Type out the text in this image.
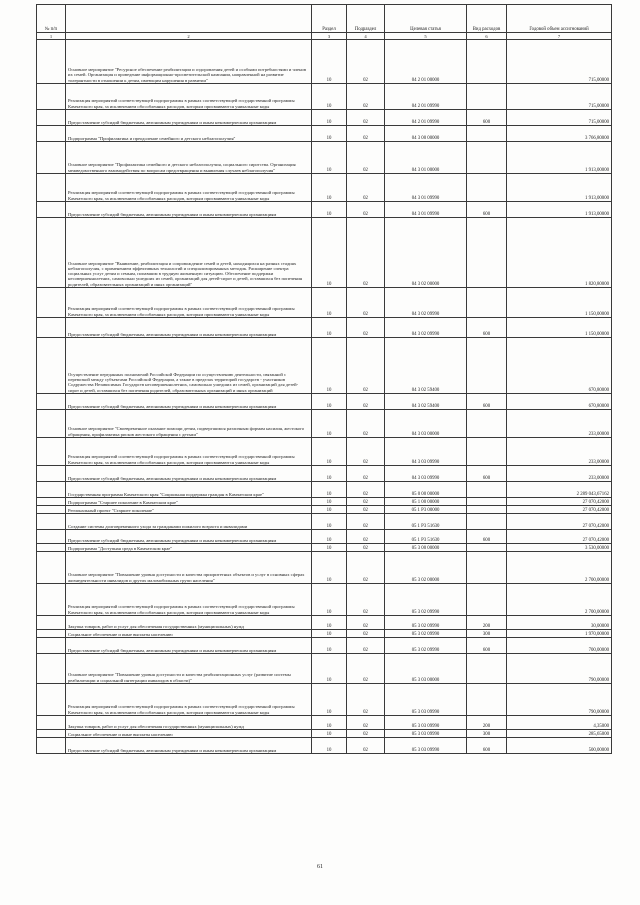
№ п/п		Раздел	Подраздел	Целевая статья	Вид расходов	Годовой объем ассигнований
1	2	3	4	5	6	7
	Основное мероприятие "Ресурсное обеспечение реабилитации и оздоровления детей и особыми потребностями и членов их семей. Организация и проведение информационно-просветительской кампании, направленной на развитие толерантности в отношении к детям, имеющим нарушения в развитии"	10	02	04 2 01 00000		715,00000
	Реализация мероприятий соответствующей подпрограммы в рамках соответствующей государственной программы Камчатского края, за исключением обособленных расходов, которым присваиваются уникальные коды	10	02	04 2 01 09990		715,00000
	Предоставление субсидий бюджетным, автономным учреждениям и иным некоммерческим организациям	10	02	04 2 01 09990	600	715,00000
	Подпрограмма "Профилактика и преодоление семейного и детского неблагополучия"	10	02	04 3 00 00000		3 766,80000
	Основное мероприятие "Профилактика семейного и детского неблагополучия, социального сиротства. Организация межведомственного взаимодействия по вопросам предотвращения и выявления случаев неблагополучия"	10	02	04 3 01 00000		1 913,00000
	Реализация мероприятий соответствующей подпрограммы в рамках соответствующей государственной программы Камчатского края, за исключением обособленных расходов, которым присваиваются уникальные коды	10	02	04 3 01 09990		1 913,00000
	Предоставление субсидий бюджетным, автономным учреждениям и иным некоммерческим организациям	10	02	04 3 01 09990	600	1 913,00000
	Основное мероприятие "Выявление, реабилитация и сопровождение семей и детей, находящихся на разных стадиях неблагополучия, с применением эффективных технологий и специализированных методик. Расширение спектра социальных услуг детям и семьям, попавшим в трудную жизненную ситуацию. Обеспечение поддержки несовершеннолетних, самовольно ушедших из семей, организаций для детей-сирот и детей, оставшихся без попечения родителей, образовательных организаций и иных организаций"	10	02	04 3 02 00000		1 820,80000
	Реализация мероприятий соответствующей подпрограммы в рамках соответствующей государственной программы Камчатского края, за исключением обособленных расходов, которым присваиваются уникальные коды	10	02	04 3 02 09990		1 150,00000
	Предоставление субсидий бюджетным, автономным учреждениям и иным некоммерческим организациям	10	02	04 3 02 09990	600	1 150,00000
	Осуществление переданных полномочий Российской Федерации по осуществлению деятельности, связанной с перевозкой между субъектами Российской Федерации, а также в пределах территорий государств - участников Содружества Независимых Государств несовершеннолетних, самовольно ушедших из семей, организаций для детей-сирот и детей, оставшихся без попечения родителей, образовательных организаций и иных организаций	10	02	04 3 02 59400		670,80000
	Предоставление субсидий бюджетным, автономным учреждениям и иным некоммерческим организациям	10	02	04 3 02 59400	600	670,80000
	Основное мероприятие "Своевременное оказание помощи детям, подвергшимся различным формам насилия, жестокого обращения, профилактика рисков жестокого обращения с детьми"	10	02	04 3 03 00000		233,00000
	Реализация мероприятий соответствующей подпрограммы в рамках соответствующей государственной программы Камчатского края, за исключением обособленных расходов, которым присваиваются уникальные коды	10	02	04 3 03 09990		233,00000
	Предоставление субсидий бюджетным, автономным учреждениям и иным некоммерческим организациям	10	02	04 3 03 09990	600	233,00000
	Государственная программа Камчатского края "Социальная поддержка граждан в Камчатском крае"	10	02	05 0 00 00000		2 289 043,67162
	Подпрограмма "Старшее поколение в Камчатском крае"	10	02	05 1 00 00000		27 070,42000
	Региональный проект "Старшее поколение"	10	02	05 1 P3 00000		27 070,42000
	Создание системы долговременного ухода за гражданами пожилого возраста и инвалидами	10	02	05 1 P3 51630		27 070,42000
	Предоставление субсидий бюджетным, автономным учреждениям и иным некоммерческим организациям	10	02	05 1 P3 51630	600	27 070,42000
	Подпрограмма "Доступная среда в Камчатском крае"	10	02	05 3 00 00000		3 530,00000
	Основное мероприятие "Повышение уровня доступности и качества приоритетных объектов и услуг в основных сферах жизнедеятельности инвалидов и других маломобильных групп населения"	10	02	05 3 02 00000		2 700,00000
	Реализация мероприятий соответствующей подпрограммы в рамках соответствующей государственной программы Камчатского края, за исключением обособленных расходов, которым присваиваются уникальные коды	10	02	05 3 02 09990		2 700,00000
	Закупка товаров, работ и услуг для обеспечения государственных (муниципальных) нужд	10	02	05 3 02 09990	200	30,00000
	Социальное обеспечение и иные выплаты населению	10	02	05 3 02 09990	300	1 970,00000
	Предоставление субсидий бюджетным, автономным учреждениям и иным некоммерческим организациям	10	02	05 3 02 09990	600	700,00000
	Основное мероприятие "Повышение уровня доступности и качества реабилитационных услуг (развитие системы реабилитации и социальной интеграции инвалидов в области)"	10	02	05 3 03 00000		790,00000
	Реализация мероприятий соответствующей подпрограммы в рамках соответствующей государственной программы Камчатского края, за исключением обособленных расходов, которым присваиваются уникальные коды	10	02	05 3 03 09990		790,00000
	Закупка товаров, работ и услуг для обеспечения государственных (муниципальных) нужд	10	02	05 3 03 09990	200	4,35000
	Социальное обеспечение и иные выплаты населению	10	02	05 3 03 09990	300	285,65000
	Предоставление субсидий бюджетным, автономным учреждениям и иным некоммерческим организациям	10	02	05 3 03 09990	600	500,00000
61
